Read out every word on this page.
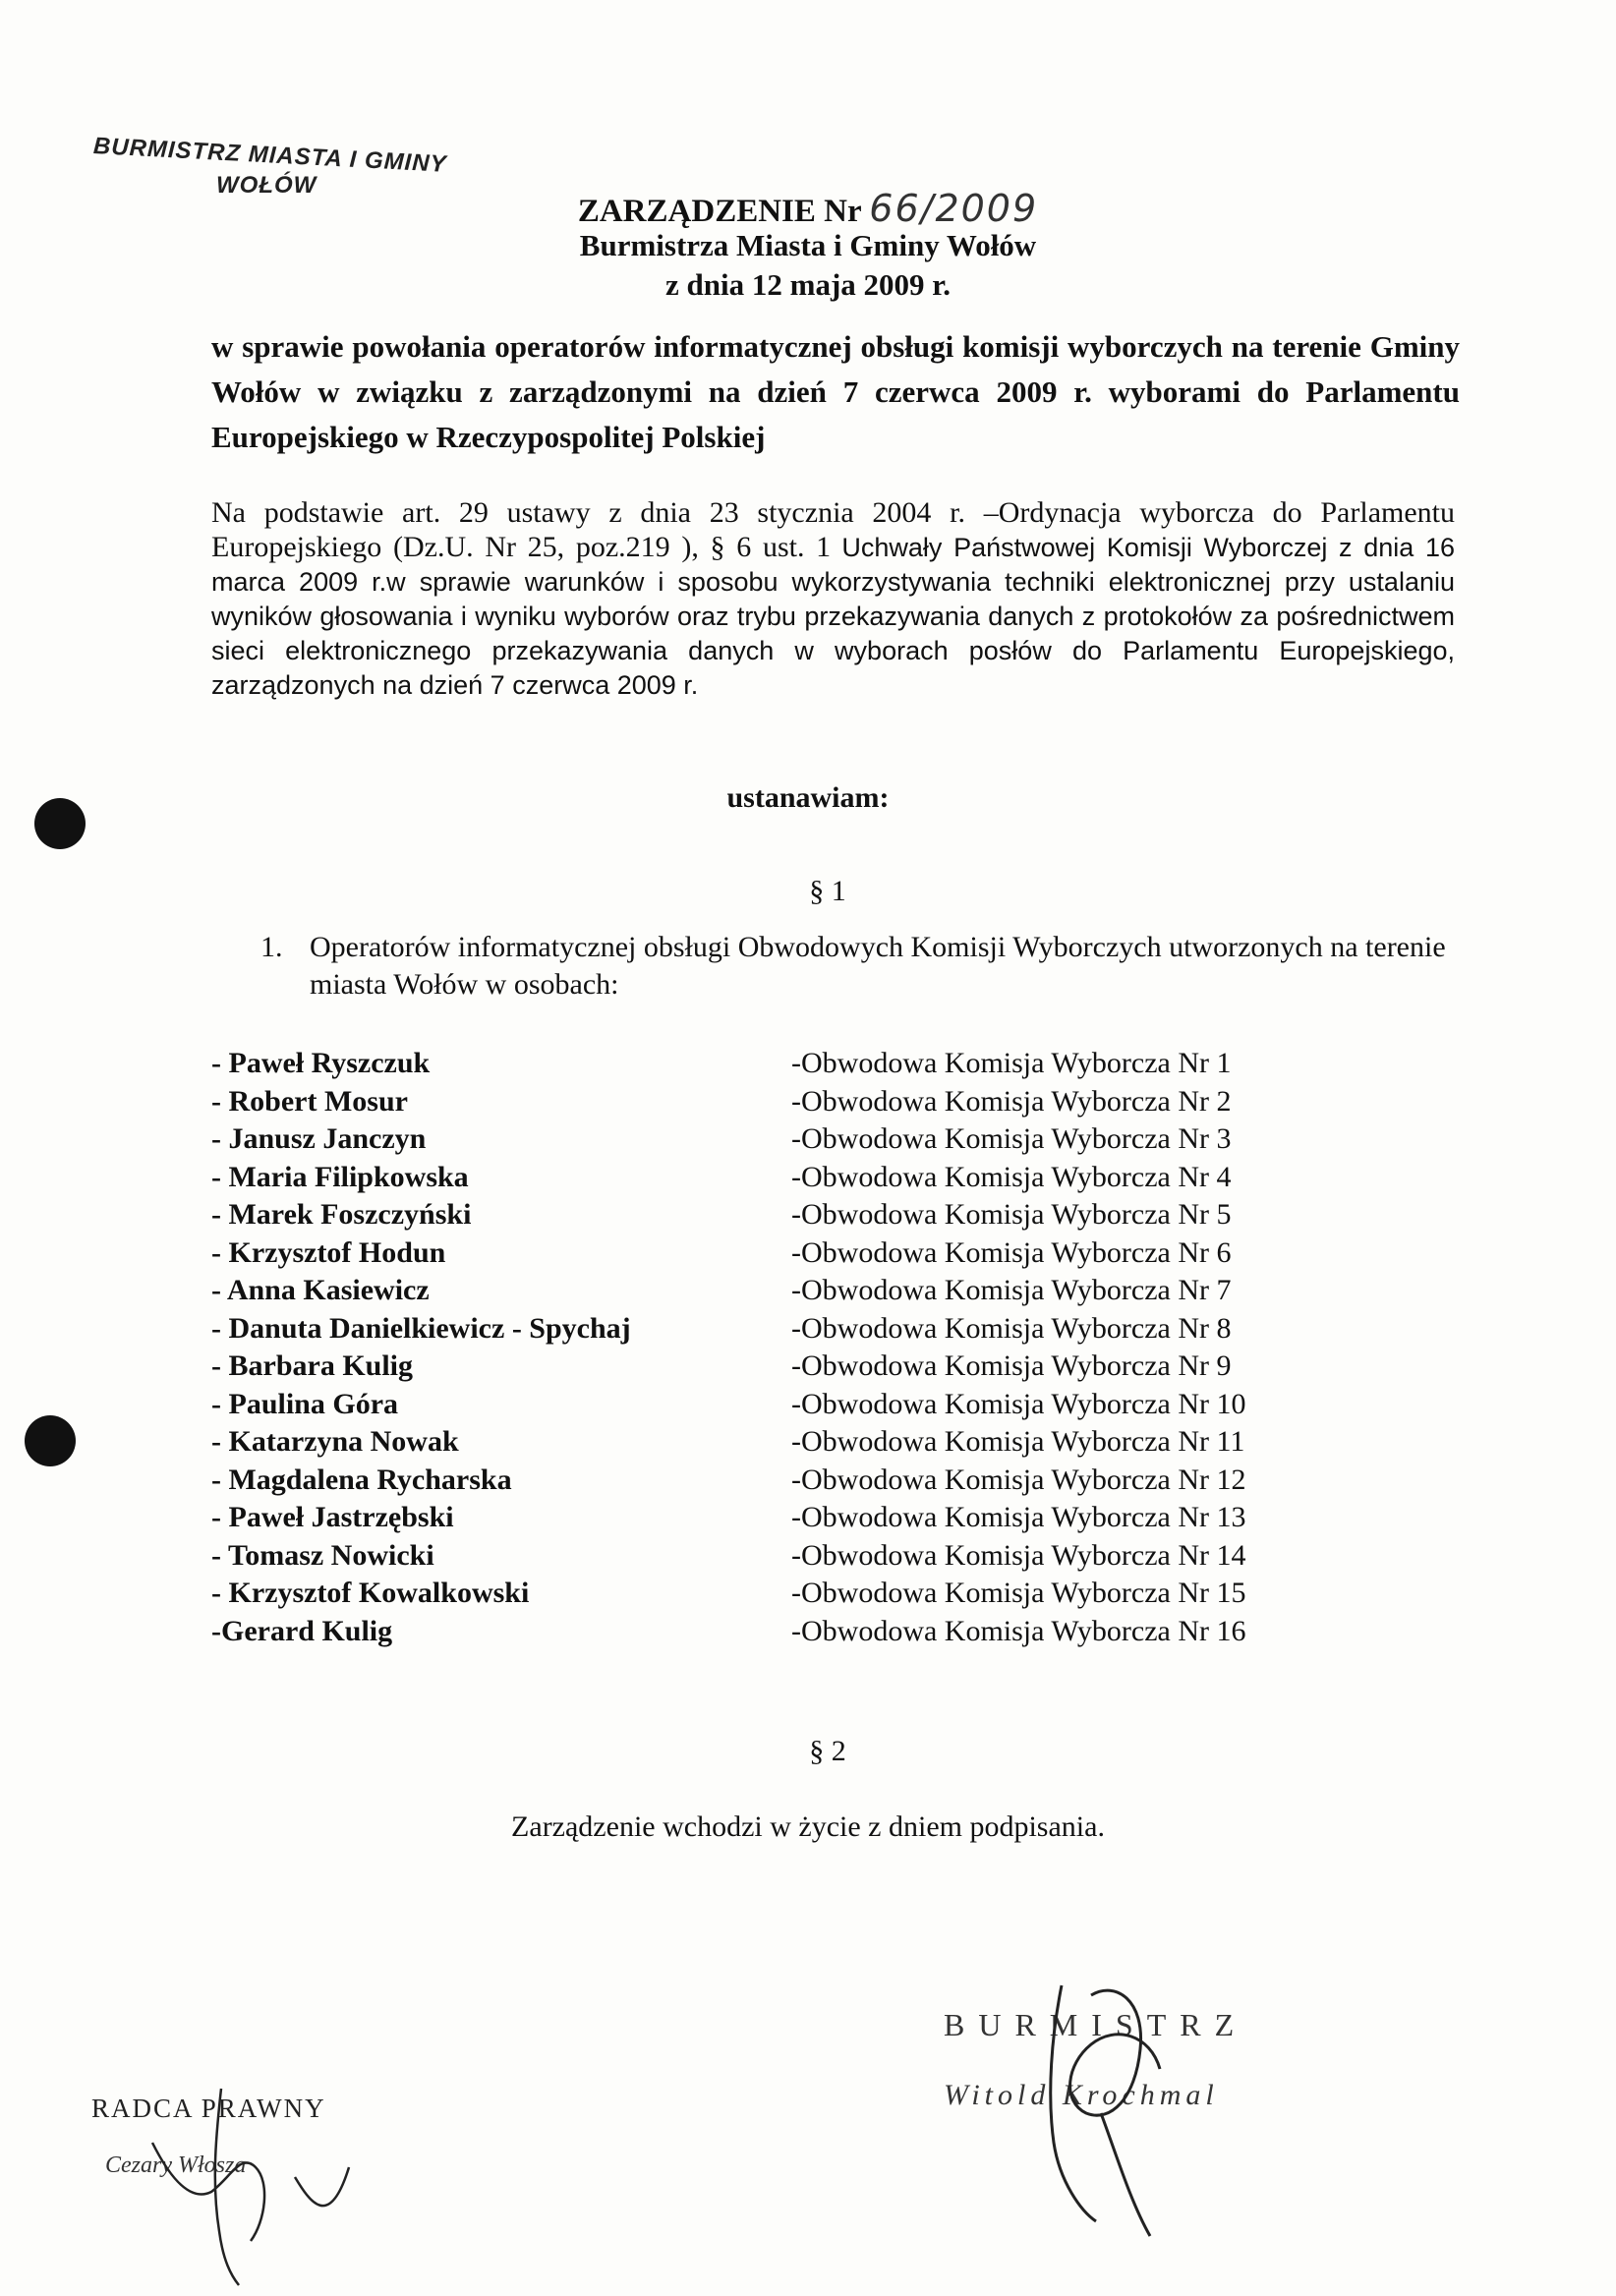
BURMISTRZ MIASTA I GMINY
WOŁÓW
ZARZĄDZENIE Nr 66/2009
Burmistrza Miasta i Gminy Wołów
z dnia 12 maja 2009 r.
w sprawie powołania operatorów informatycznej obsługi komisji wyborczych na terenie Gminy Wołów w związku z zarządzonymi na dzień 7 czerwca 2009 r. wyborami do Parlamentu Europejskiego w Rzeczypospolitej Polskiej
Na podstawie art. 29 ustawy z dnia 23 stycznia 2004 r. –Ordynacja wyborcza do Parlamentu Europejskiego (Dz.U. Nr 25, poz.219 ), § 6 ust. 1 Uchwały Państwowej Komisji Wyborczej z dnia 16 marca 2009 r.w sprawie warunków i sposobu wykorzystywania techniki elektronicznej przy ustalaniu wyników głosowania i wyniku wyborów oraz trybu przekazywania danych z protokołów za pośrednictwem sieci elektronicznego przekazywania danych w wyborach posłów do Parlamentu Europejskiego, zarządzonych na dzień 7 czerwca 2009 r.
ustanawiam:
§ 1
1. Operatorów informatycznej obsługi Obwodowych Komisji Wyborczych utworzonych na terenie miasta Wołów w osobach:
- Paweł Ryszczuk	-Obwodowa Komisja Wyborcza Nr 1
- Robert Mosur	-Obwodowa Komisja Wyborcza Nr 2
- Janusz Janczyn	-Obwodowa Komisja Wyborcza Nr 3
- Maria Filipkowska	-Obwodowa Komisja Wyborcza Nr 4
- Marek Foszczyński	-Obwodowa Komisja Wyborcza Nr 5
- Krzysztof Hodun	-Obwodowa Komisja Wyborcza Nr 6
- Anna Kasiewicz	-Obwodowa Komisja Wyborcza Nr 7
- Danuta Danielkiewicz - Spychaj	-Obwodowa Komisja Wyborcza Nr 8
- Barbara Kulig	-Obwodowa Komisja Wyborcza Nr 9
- Paulina Góra	-Obwodowa Komisja Wyborcza Nr 10
- Katarzyna Nowak	-Obwodowa Komisja Wyborcza Nr 11
- Magdalena Rycharska	-Obwodowa Komisja Wyborcza Nr 12
- Paweł Jastrzębski	-Obwodowa Komisja Wyborcza Nr 13
- Tomasz Nowicki	-Obwodowa Komisja Wyborcza Nr 14
- Krzysztof Kowalkowski	-Obwodowa Komisja Wyborcza Nr 15
-Gerard Kulig	-Obwodowa Komisja Wyborcza Nr 16
§ 2
Zarządzenie wchodzi w życie z dniem podpisania.
BURMISTRZ
Witold Krochmal
RADCA PRAWNY
Cezary Włosza
